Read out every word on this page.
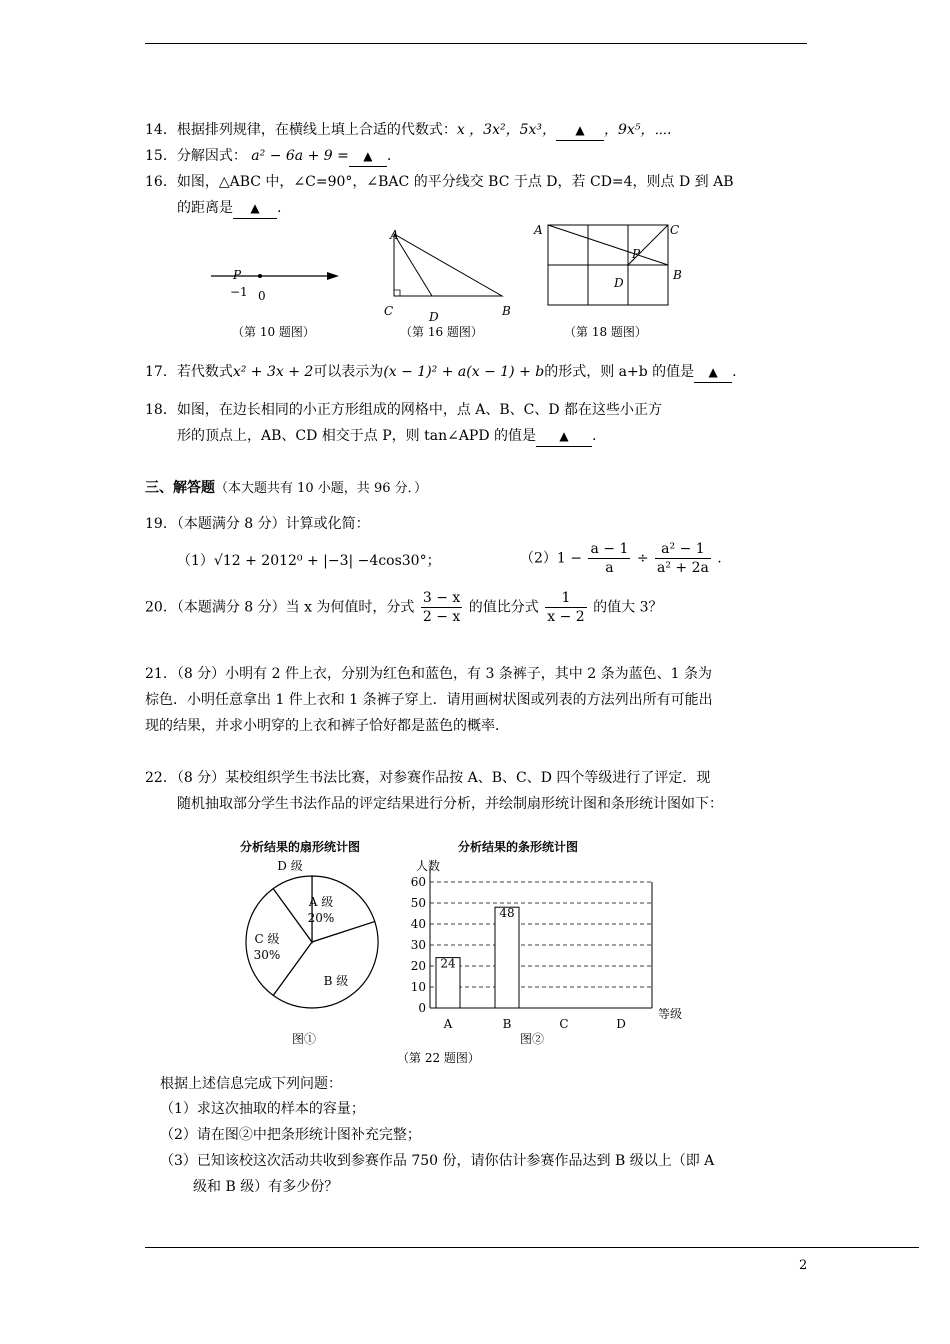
14．根据排列规律，在横线上填上合适的代数式：x ，3x²，5x³， ▲ ，9x⁵，⋯.
15．分解因式： a² − 6a + 9 = ▲ .
16．如图，△ABC 中，∠C=90°，∠BAC 的平分线交 BC 于点 D，若 CD=4，则点 D 到 AB
的距离是 ▲ .
P
−1 0
（第 10 题图）
A
C	D	B
（第 16 题图）
A	C
P
D
B
（第 18 题图）
17．若代数式x² + 3x + 2可以表示为(x − 1)² + a(x − 1) + b的形式，则 a+b 的值是 ▲ .
18．如图，在边长相同的小正方形组成的网格中，点 A、B、C、D 都在这些小正方
形的顶点上，AB、CD 相交于点 P，则 tan∠APD 的值是 ▲ .
三、解答题（本大题共有 10 小题，共 96 分．）
19．（本题满分 8 分）计算或化简：
（1）√12 + 2012⁰ + |−3| −4cos30°；	$(2)1 - \frac{a - 1}{a} \div \frac{\text{a² − 1}}{\text{a² + 2a}}$ .
20．（本题满分 8 分）当 x 为何值时，分式 $\frac{3 - x}{2 - x}$ 的值比分式 $\frac{1}{x - 2}$ 的值大 3？
21．（8 分）小明有 2 件上衣，分别为红色和蓝色，有 3 条裤子，其中 2 条为蓝色、1 条为
棕色．小明任意拿出 1 件上衣和 1 条裤子穿上．请用画树状图或列表的方法列出所有可能出
现的结果，并求小明穿的上衣和裤子恰好都是蓝色的概率．
22．（8 分）某校组织学生书法比赛，对参赛作品按 A、B、C、D 四个等级进行了评定．现
随机抽取部分学生书法作品的评定结果进行分析，并绘制扇形统计图和条形统计图如下：
分析结果的扇形统计图
A 级
20%
B 级
C 级
30%
D 级
图①
分析结果的条形统计图
0
10
20
30
40
50
60
人数
等级
24
A
48
B	C	D
图②
（第 22 题图）
根据上述信息完成下列问题：
（1）求这次抽取的样本的容量；
（2）请在图②中把条形统计图补充完整；
（3）已知该校这次活动共收到参赛作品 750 份，请你估计参赛作品达到 B 级以上（即 A
级和 B 级）有多少份？
2
